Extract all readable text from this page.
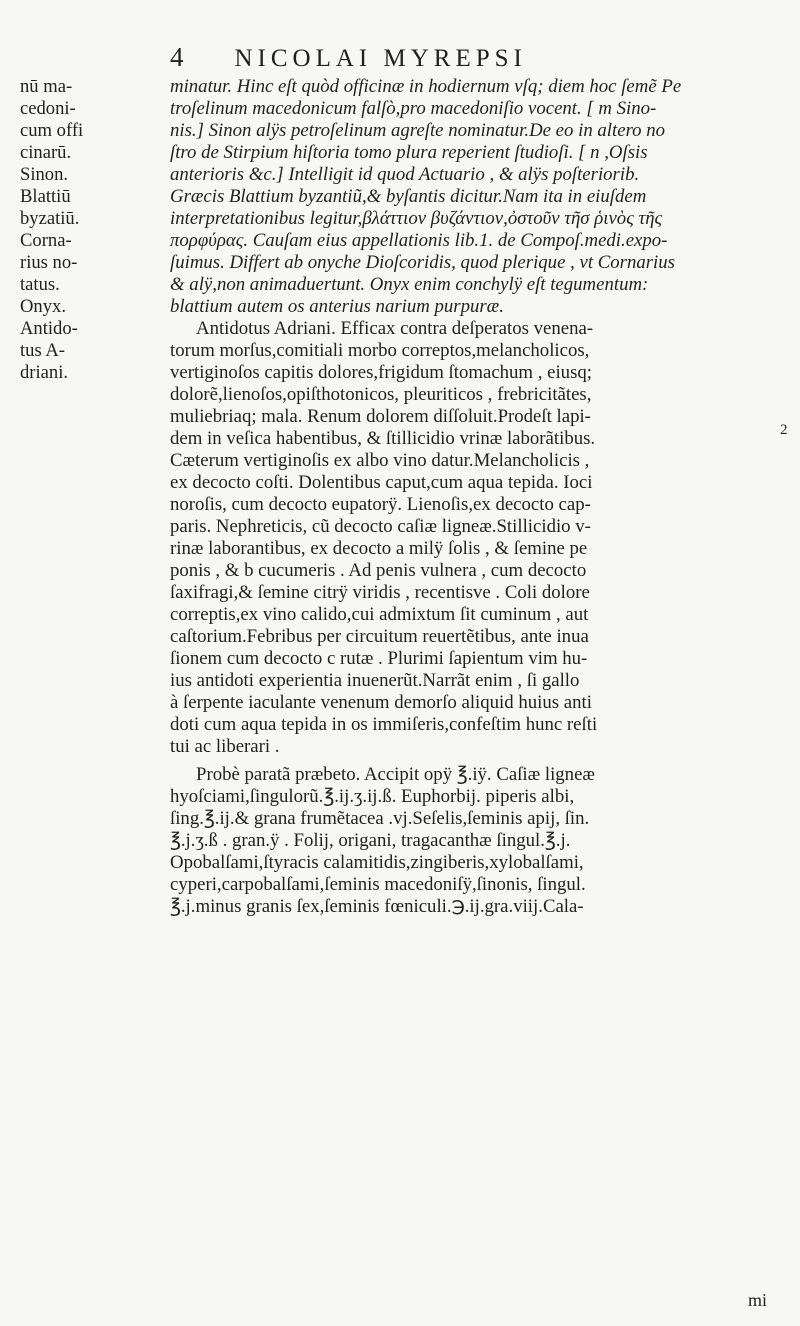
4 NICOLAI MYREPSI
nū ma-
cedoni-
cum offi
cinarū.
Sinon.
Blattiū
byzatiū.
Corna-
rius no-
tatus.
Onyx.
Antido-
tus A-
driani.
minatur. Hinc eſt quòd officinæ in hodiernum vſq; diem hoc ſemẽ Pe
troſelinum macedonicum falſò,pro macedoniſio vocent. [ m Sino-
nis.] Sinon alÿs petroſelinum agreſte nominatur.De eo in altero no
ſtro de Stirpium hiſtoria tomo plura reperient ſtudioſi. [ n ,Oſsis
anterioris &c.] Intelligit id quod Actuario , & alÿs poſteriorib.
Græcis Blattium byzantiũ,& byſantis dicitur.Nam ita in eiuſdem
interpretationibus legitur,βλάττιον βυζάντιον,ὀστοῦν τῆσ ῥινὸς τῆς
πορφύρας. Cauſam eius appellationis lib.1. de Compoſ.medi.expo-
ſuimus. Differt ab onyche Dioſcoridis, quod plerique , vt Cornarius
& alÿ,non animaduertunt. Onyx enim conchylÿ eſt tegumentum:
blattium autem os anterius narium purpuræ.
Antidotus Adriani. Efficax contra deſperatos venena-
torum morſus,comitiali morbo correptos,melancholicos,
vertiginoſos capitis dolores,frigidum ſtomachum , eiusq;
dolorẽ,lienoſos,opiſthotonicos, pleuriticos , frebricitãtes,
muliebriaq; mala. Renum dolorem diſſoluit.Prodeſt lapi-
dem in veſica habentibus, & ſtillicidio vrinæ laborãtibus.
Cæterum vertiginoſis ex albo vino datur.Melancholicis ,
ex decocto coſti. Dolentibus caput,cum aqua tepida. Ioci
noroſis, cum decocto eupatorÿ. Lienoſis,ex decocto cap-
paris. Nephreticis, cũ decocto caſiæ ligneæ.Stillicidio v-
rinæ laborantibus, ex decocto a milÿ ſolis , & ſemine pe
ponis , & b cucumeris . Ad penis vulnera , cum decocto
ſaxifragi,& ſemine citrÿ viridis , recentisve . Coli dolore
correptis,ex vino calido,cui admixtum ſit cuminum , aut
caſtorium.Febribus per circuitum reuertẽtibus, ante inua
ſionem cum decocto c rutæ . Plurimi ſapientum vim hu-
ius antidoti experientia inuenerũt.Narrãt enim , ſi gallo
à ſerpente iaculante venenum demorſo aliquid huius anti
doti cum aqua tepida in os immiſeris,confeſtim hunc reſti
tui ac liberari .
Probè paratã præbeto. Accipit opÿ ℥.iÿ. Caſiæ ligneæ
hyoſciami,ſingulorũ.℥.ij.ʒ.ij.ß. Euphorbij. piperis albi,
ſing.℥.ij.& grana frumẽtacea .vj.Seſelis,ſeminis apij, ſin.
℥.j.ʒ.ß . gran.ÿ . Folij, origani, tragacanthæ ſingul.℥.j.
Opobalſami,ſtyracis calamitidis,zingiberis,xylobalſami,
cyperi,carpobalſami,ſeminis macedoniſÿ,ſinonis, ſingul.
℥.j.minus granis ſex,ſeminis fœniculi.℈.ij.gra.viij.Cala-
2
mi
